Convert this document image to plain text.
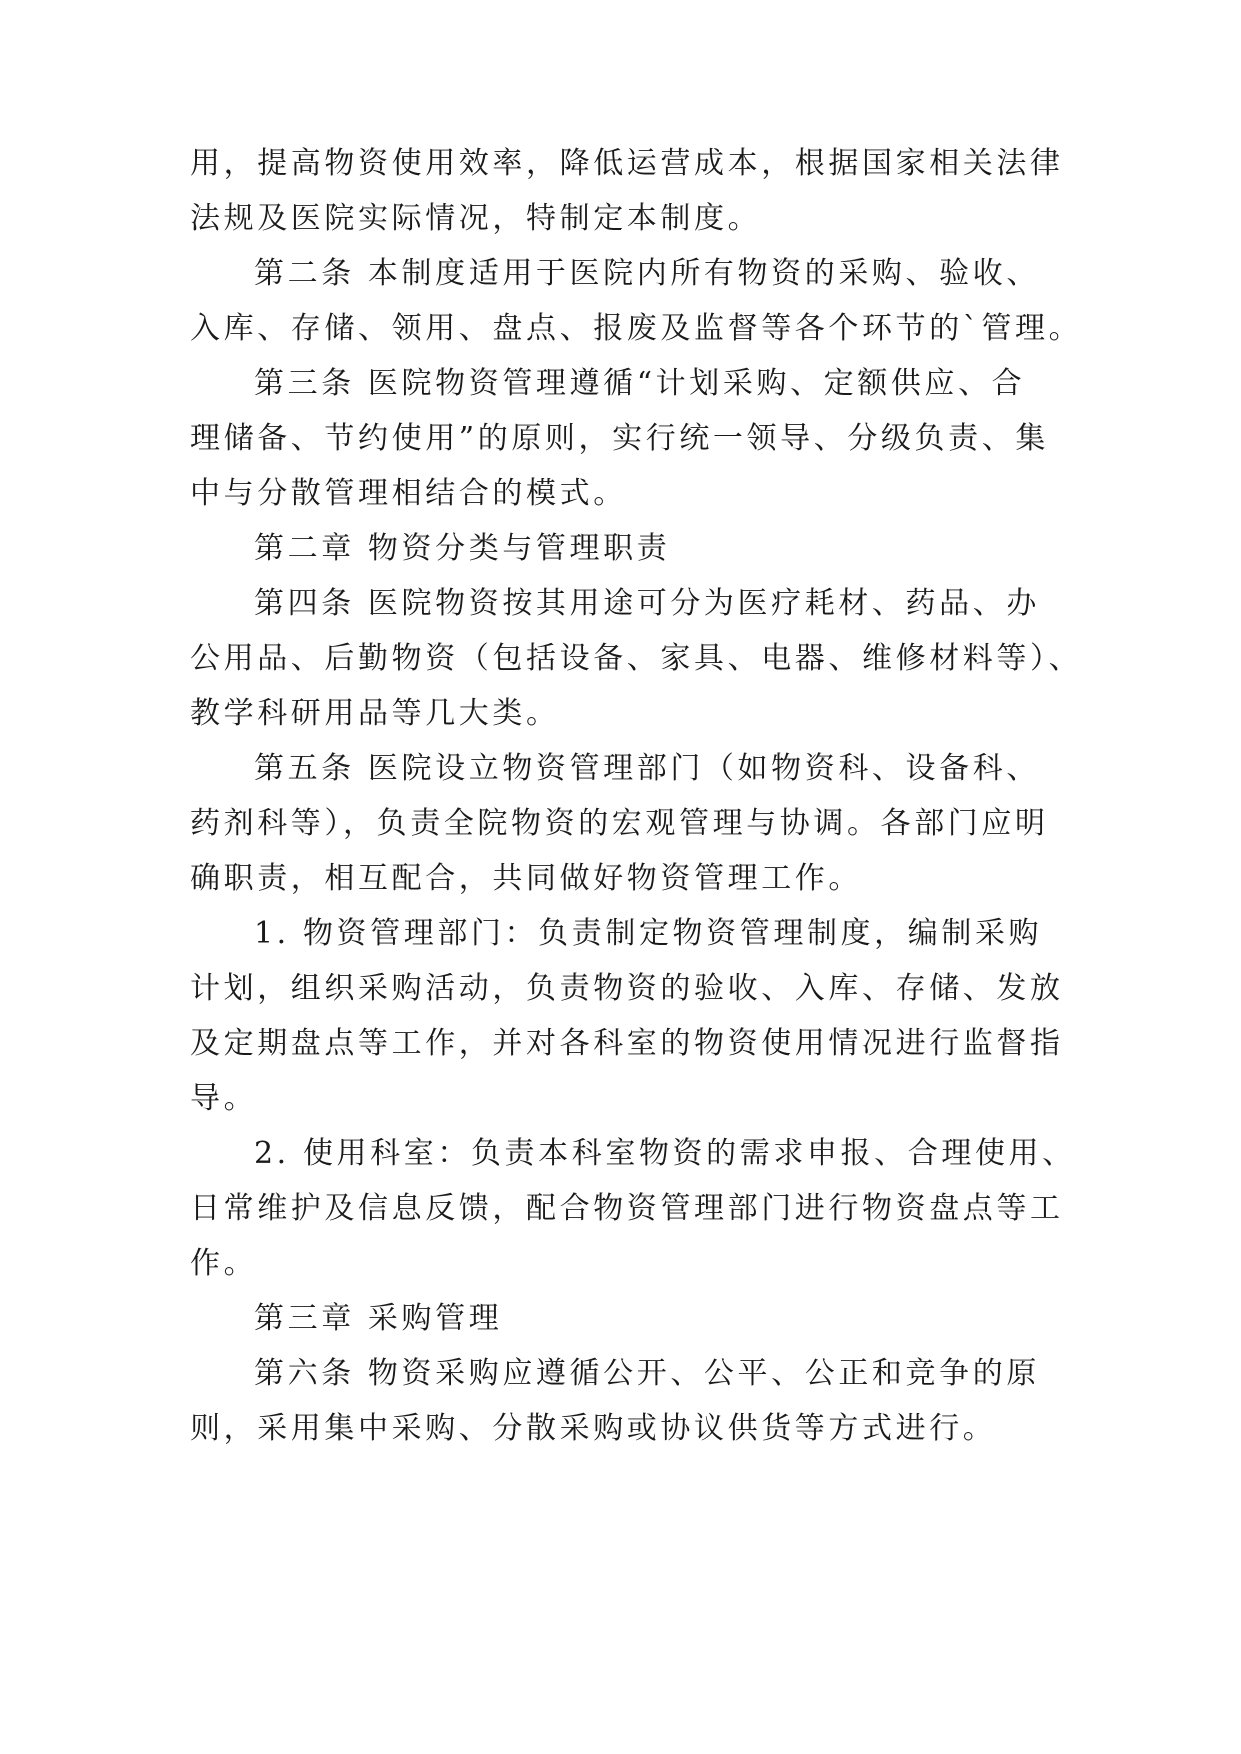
用，提高物资使用效率，降低运营成本，根据国家相关法律

法规及医院实际情况，特制定本制度。

第二条 本制度适用于医院内所有物资的采购、验收、

入库、存储、领用、盘点、报废及监督等各个环节的`管理。

第三条 医院物资管理遵循“计划采购、定额供应、合

理储备、节约使用”的原则，实行统一领导、分级负责、集

中与分散管理相结合的模式。

第二章 物资分类与管理职责

第四条 医院物资按其用途可分为医疗耗材、药品、办

公用品、后勤物资（包括设备、家具、电器、维修材料等）、

教学科研用品等几大类。

第五条 医院设立物资管理部门（如物资科、设备科、

药剂科等），负责全院物资的宏观管理与协调。各部门应明

确职责，相互配合，共同做好物资管理工作。

1. 物资管理部门：负责制定物资管理制度，编制采购

计划，组织采购活动，负责物资的验收、入库、存储、发放

及定期盘点等工作，并对各科室的物资使用情况进行监督指

导。

2. 使用科室：负责本科室物资的需求申报、合理使用、

日常维护及信息反馈，配合物资管理部门进行物资盘点等工

作。

第三章 采购管理

第六条 物资采购应遵循公开、公平、公正和竞争的原

则，采用集中采购、分散采购或协议供货等方式进行。
